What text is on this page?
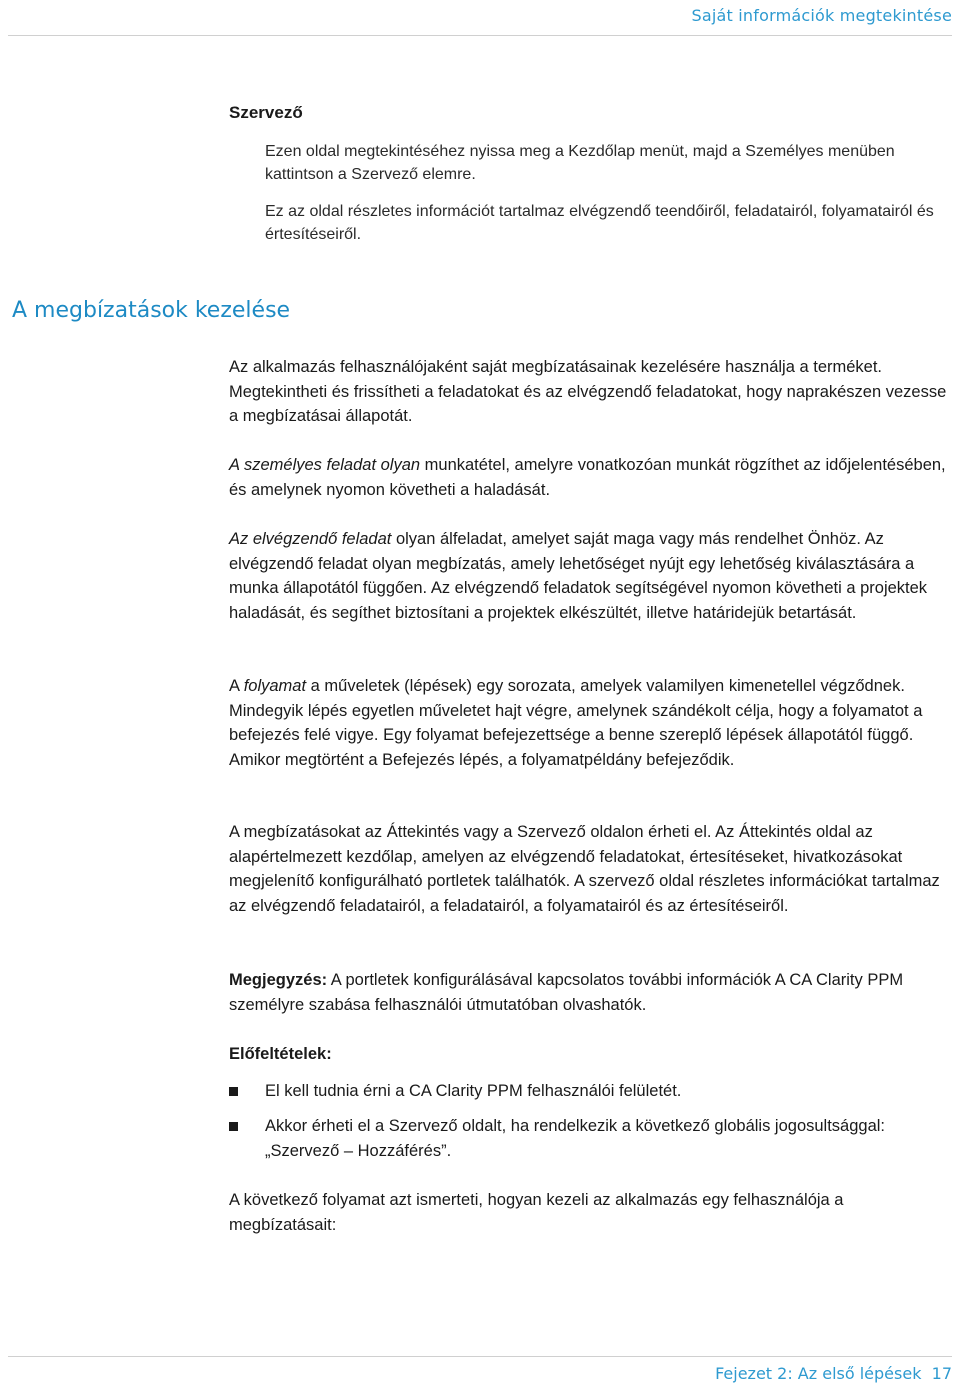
Saját információk megtekintése
Szervező

Ezen oldal megtekintéséhez nyissa meg a Kezdőlap menüt, majd a Személyes menüben kattintson a Szervező elemre.

Ez az oldal részletes információt tartalmaz elvégzendő teendőiről, feladatairól, folyamatairól és értesítéseiről.

A megbízatások kezelése

Az alkalmazás felhasználójaként saját megbízatásainak kezelésére használja a terméket. Megtekintheti és frissítheti a feladatokat és az elvégzendő feladatokat, hogy naprakészen vezesse a megbízatásai állapotát.

A személyes feladat olyan munkatétel, amelyre vonatkozóan munkát rögzíthet az időjelentésében, és amelynek nyomon követheti a haladását.

Az elvégzendő feladat olyan álfeladat, amelyet saját maga vagy más rendelhet Önhöz. Az elvégzendő feladat olyan megbízatás, amely lehetőséget nyújt egy lehetőség kiválasztására a munka állapotától függően. Az elvégzendő feladatok segítségével nyomon követheti a projektek haladását, és segíthet biztosítani a projektek elkészültét, illetve határidejük betartását.

A folyamat a műveletek (lépések) egy sorozata, amelyek valamilyen kimenetellel végződnek. Mindegyik lépés egyetlen műveletet hajt végre, amelynek szándékolt célja, hogy a folyamatot a befejezés felé vigye. Egy folyamat befejezettsége a benne szereplő lépések állapotától függő. Amikor megtörtént a Befejezés lépés, a folyamatpéldány befejeződik.

A megbízatásokat az Áttekintés vagy a Szervező oldalon érheti el. Az Áttekintés oldal az alapértelmezett kezdőlap, amelyen az elvégzendő feladatokat, értesítéseket, hivatkozásokat megjelenítő konfigurálható portletek találhatók. A szervező oldal részletes információkat tartalmaz az elvégzendő feladatairól, a feladatairól, a folyamatairól és az értesítéseiről.

Megjegyzés: A portletek konfigurálásával kapcsolatos további információk A CA Clarity PPM személyre szabása felhasználói útmutatóban olvashatók.

Előfeltételek:

El kell tudnia érni a CA Clarity PPM felhasználói felületét.
Akkor érheti el a Szervező oldalt, ha rendelkezik a következő globális jogosultsággal: „Szervező – Hozzáférés”.

A következő folyamat azt ismerteti, hogyan kezeli az alkalmazás egy felhasználója a megbízatásait:

Fejezet 2: Az első lépések  17
